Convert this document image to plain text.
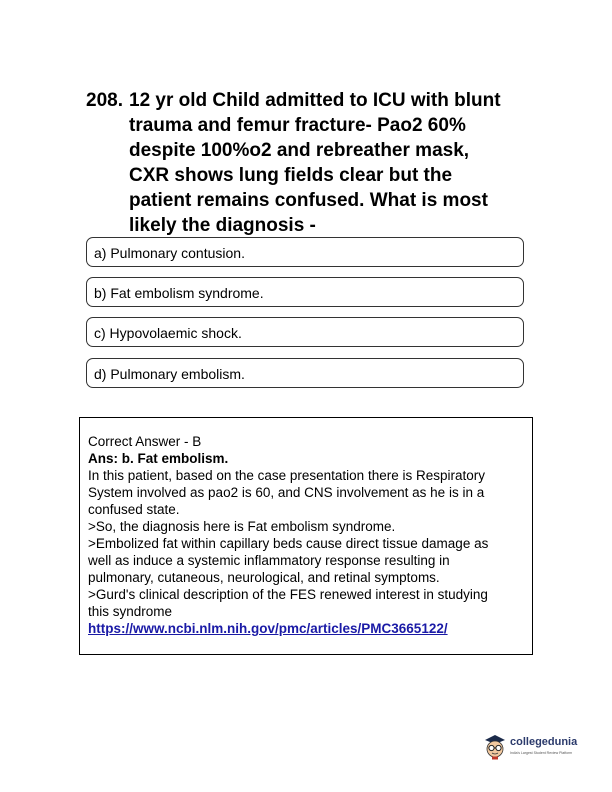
208. 12 yr old Child admitted to ICU with blunt
trauma and femur fracture- Pao2 60%
despite 100%o2 and rebreather mask,
CXR shows lung fields clear but the
patient remains confused. What is most
likely the diagnosis -
a) Pulmonary contusion.
b) Fat embolism syndrome.
c) Hypovolaemic shock.
d) Pulmonary embolism.
Correct Answer - B
Ans: b. Fat embolism.
In this patient, based on the case presentation there is Respiratory
System involved as pao2 is 60, and CNS involvement as he is in a
confused state.
>So, the diagnosis here is Fat embolism syndrome.
>Embolized fat within capillary beds cause direct tissue damage as
well as induce a systemic inflammatory response resulting in
pulmonary, cutaneous, neurological, and retinal symptoms.
>Gurd's clinical description of the FES renewed interest in studying
this syndrome
https://www.ncbi.nlm.nih.gov/pmc/articles/PMC3665122/
collegedunia
India's Largest Student Review Platform
